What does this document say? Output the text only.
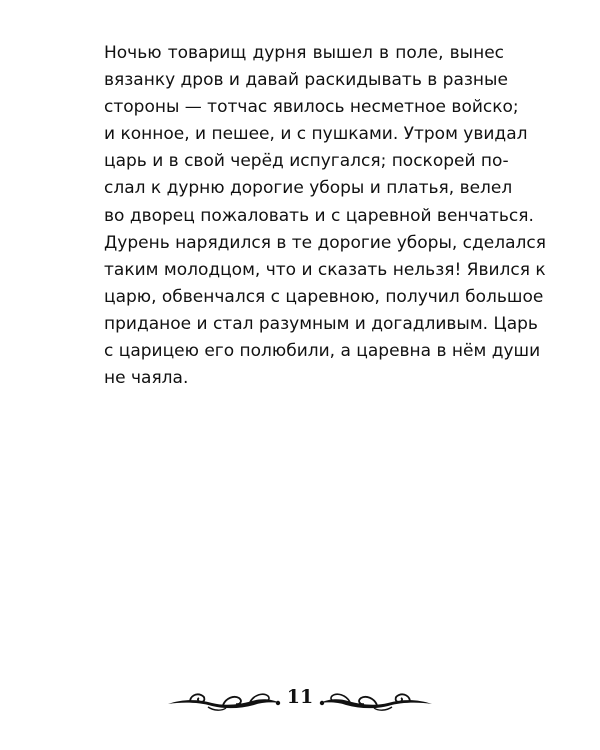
Ночью товарищ дурня вышел в поле, вынес
вязанку дров и давай раскидывать в разные
стороны — тотчас явилось несметное войско;
и конное, и пешее, и с пушками. Утром увидал
царь и в свой черёд испугался; поскорей по-
слал к дурню дорогие уборы и платья, велел
во дворец пожаловать и с царевной венчаться.
Дурень нарядился в те дорогие уборы, сделался
таким молодцом, что и сказать нельзя! Явился к
царю, обвенчался с царевною, получил большое
приданое и стал разумным и догадливым. Царь
с царицею его полюбили, а царевна в нём души
не чаяла.
11
